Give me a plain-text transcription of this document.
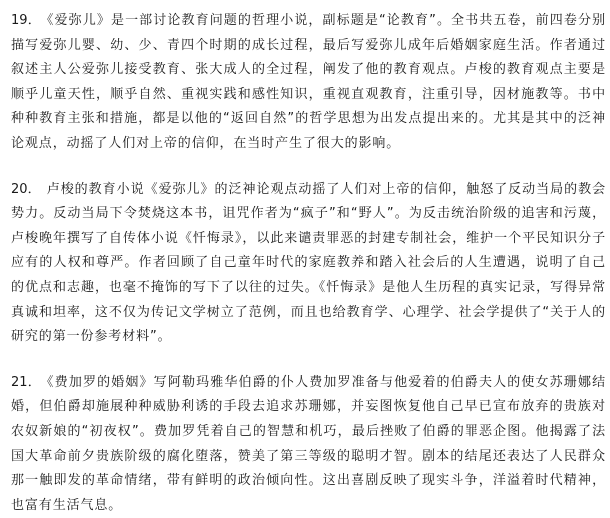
19． 《爱弥儿》是一部讨论教育问题的哲理小说，副标题是“论教育”。全书共五卷，前四卷分别描写爱弥儿婴、幼、少、青四个时期的成长过程，最后写爱弥儿成年后婚姻家庭生活。作者通过叙述主人公爱弥儿接受教育、张大成人的全过程，阐发了他的教育观点。卢梭的教育观点主要是顺乎儿童天性，顺乎自然、重视实践和感性知识，重视直观教育，注重引导，因材施教等。书中种种教育主张和措施，都是以他的“返回自然”的哲学思想为出发点提出来的。尤其是其中的泛神论观点，动摇了人们对上帝的信仰，在当时产生了很大的影响。

20． 卢梭的教育小说《爱弥儿》的泛神论观点动摇了人们对上帝的信仰，触怒了反动当局的教会势力。反动当局下令焚烧这本书，诅咒作者为“疯子”和“野人”。为反击统治阶级的追害和污蔑，卢梭晚年撰写了自传体小说《忏悔录》，以此来谴责罪恶的封建专制社会，维护一个平民知识分子应有的人权和尊严。作者回顾了自己童年时代的家庭教养和踏入社会后的人生遭遇，说明了自己的优点和志趣，也毫不掩饰的写下了以往的过失。《忏悔录》是他人生历程的真实记录，写得异常真诚和坦率，这不仅为传记文学树立了范例，而且也给教育学、心理学、社会学提供了“关于人的研究的第一份参考材料”。

21． 《费加罗的婚姻》写阿勒玛雅华伯爵的仆人费加罗准备与他爱着的伯爵夫人的使女苏珊娜结婚，但伯爵却施展种种威胁利诱的手段去追求苏珊娜，并妄图恢复他自己早已宣布放弃的贵族对农奴新娘的“初夜权”。费加罗凭着自己的智慧和机巧，最后挫败了伯爵的罪恶企图。他揭露了法国大革命前夕贵族阶级的腐化堕落，赞美了第三等级的聪明才智。剧本的结尾还表达了人民群众那一触即发的革命情绪，带有鲜明的政治倾向性。这出喜剧反映了现实斗争，洋溢着时代精神，也富有生活气息。
